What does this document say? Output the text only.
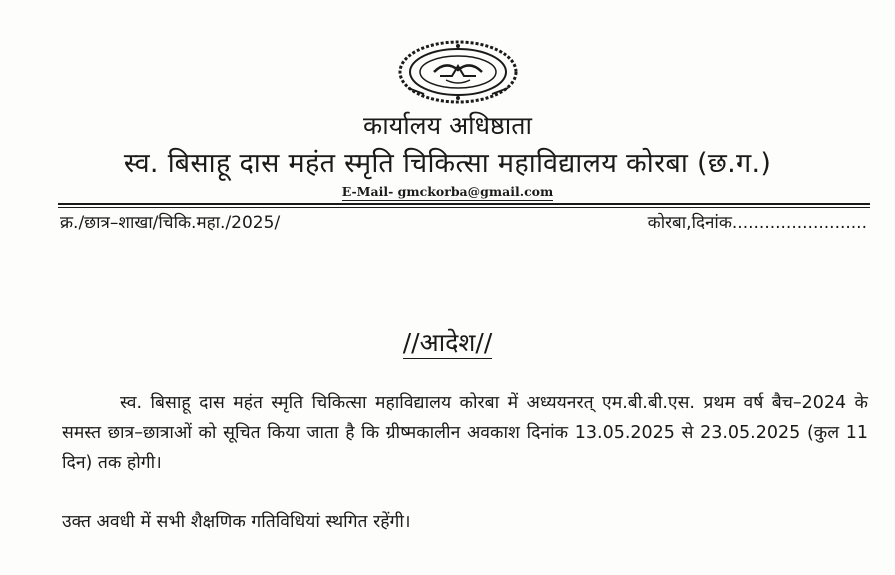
कार्यालय अधिष्ठाता
स्व. बिसाहू दास महंत स्मृति चिकित्सा महाविद्यालय कोरबा (छ.ग.)
E-Mail- gmckorba@gmail.com
क्र./छात्र–शाखा/चिकि.महा./2025/	कोरबा,दिनांक.........................
//आदेश//
स्व. बिसाहू दास महंत स्मृति चिकित्सा महाविद्यालय कोरबा में अध्ययनरत् एम.बी.बी.एस. प्रथम वर्ष बैच–2024 के समस्त छात्र–छात्राओं को सूचित किया जाता है कि ग्रीष्मकालीन अवकाश दिनांक 13.05.2025 से 23.05.2025 (कुल 11 दिन) तक होगी।
उक्त अवधी में सभी शैक्षणिक गतिविधियां स्थगित रहेंगी।
